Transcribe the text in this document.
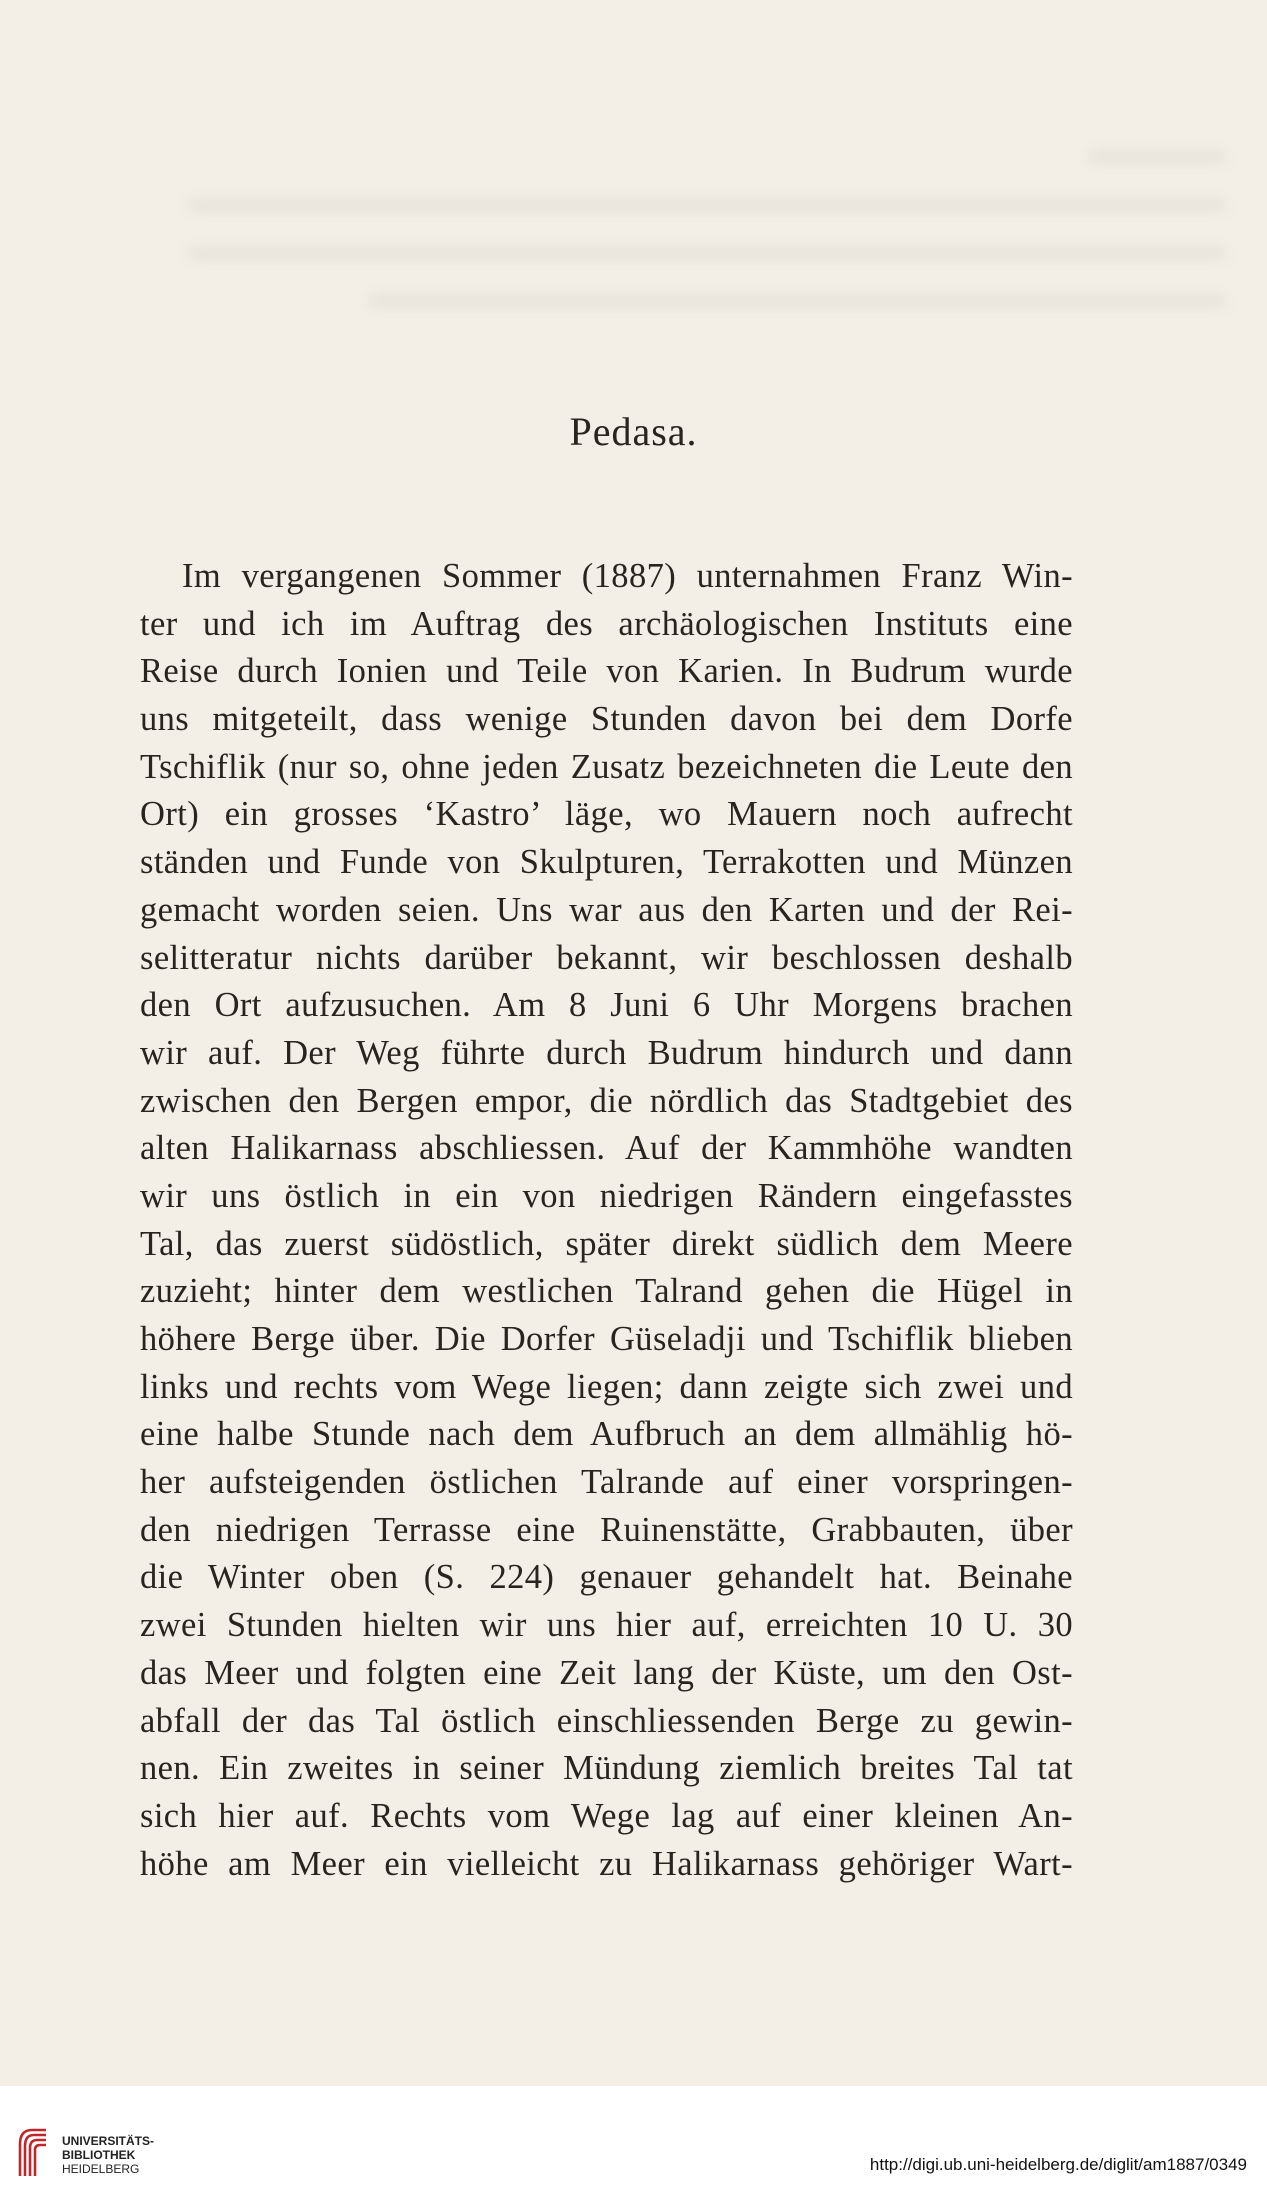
Pedasa.
Im vergangenen Sommer (1887) unternahmen Franz Win-
ter und ich im Auftrag des archäologischen Instituts eine
Reise durch Ionien und Teile von Karien. In Budrum wurde
uns mitgeteilt, dass wenige Stunden davon bei dem Dorfe
Tschiflik (nur so, ohne jeden Zusatz bezeichneten die Leute den
Ort) ein grosses ‘Kastro’ läge, wo Mauern noch aufrecht
ständen und Funde von Skulpturen, Terrakotten und Münzen
gemacht worden seien. Uns war aus den Karten und der Rei-
selitteratur nichts darüber bekannt, wir beschlossen deshalb
den Ort aufzusuchen. Am 8 Juni 6 Uhr Morgens brachen
wir auf. Der Weg führte durch Budrum hindurch und dann
zwischen den Bergen empor, die nördlich das Stadtgebiet des
alten Halikarnass abschliessen. Auf der Kammhöhe wandten
wir uns östlich in ein von niedrigen Rändern eingefasstes
Tal, das zuerst südöstlich, später direkt südlich dem Meere
zuzieht; hinter dem westlichen Talrand gehen die Hügel in
höhere Berge über. Die Dorfer Güseladji und Tschiflik blieben
links und rechts vom Wege liegen; dann zeigte sich zwei und
eine halbe Stunde nach dem Aufbruch an dem allmählig hö-
her aufsteigenden östlichen Talrande auf einer vorspringen-
den niedrigen Terrasse eine Ruinenstätte, Grabbauten, über
die Winter oben (S. 224) genauer gehandelt hat. Beinahe
zwei Stunden hielten wir uns hier auf, erreichten 10 U. 30
das Meer und folgten eine Zeit lang der Küste, um den Ost-
abfall der das Tal östlich einschliessenden Berge zu gewin-
nen. Ein zweites in seiner Mündung ziemlich breites Tal tat
sich hier auf. Rechts vom Wege lag auf einer kleinen An-
höhe am Meer ein vielleicht zu Halikarnass gehöriger Wart-
UNIVERSITÄTS-
BIBLIOTHEK
HEIDELBERG	http://digi.ub.uni-heidelberg.de/diglit/am1887/0349
